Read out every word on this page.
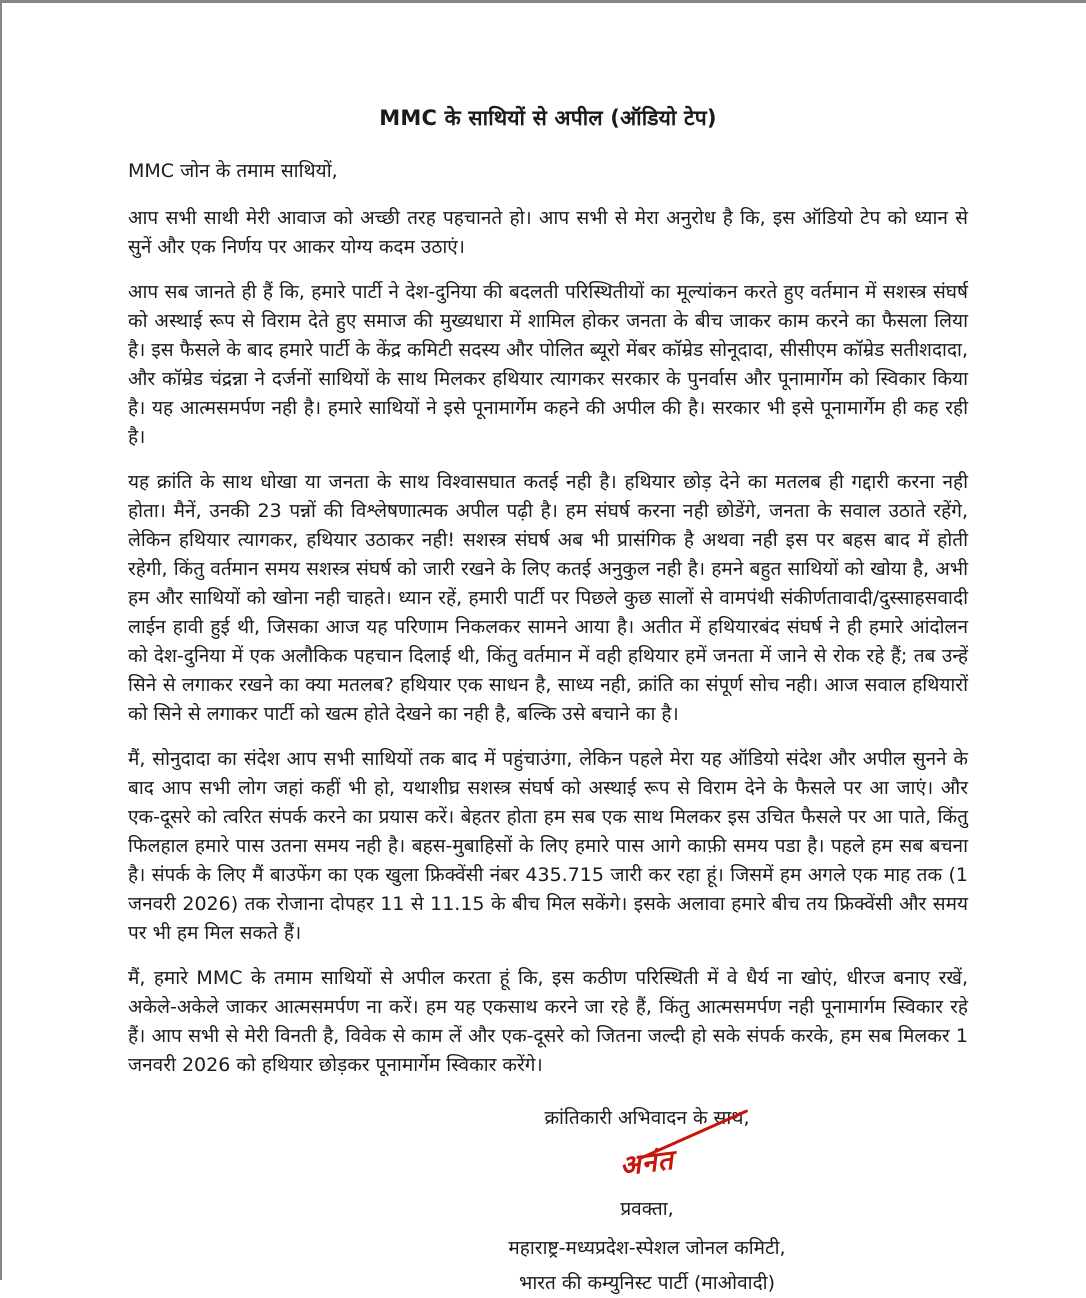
MMC के साथियों से अपील (ऑडियो टेप)

MMC जोन के तमाम साथियों,

आप सभी साथी मेरी आवाज को अच्छी तरह पहचानते हो। आप सभी से मेरा अनुरोध है कि, इस ऑडियो टेप को ध्यान से सुनें और एक निर्णय पर आकर योग्य कदम उठाएं।

आप सब जानते ही हैं कि, हमारे पार्टी ने देश-दुनिया की बदलती परिस्थितीयों का मूल्यांकन करते हुए वर्तमान में सशस्त्र संघर्ष को अस्थाई रूप से विराम देते हुए समाज की मुख्यधारा में शामिल होकर जनता के बीच जाकर काम करने का फैसला लिया है। इस फैसले के बाद हमारे पार्टी के केंद्र कमिटी सदस्य और पोलित ब्यूरो मेंबर कॉम्रेड सोनूदादा, सीसीएम कॉम्रेड सतीशदादा, और कॉम्रेड चंद्रन्ना ने दर्जनों साथियों के साथ मिलकर हथियार त्यागकर सरकार के पुनर्वास और पूनामार्गेम को स्विकार किया है। यह आत्मसमर्पण नही है। हमारे साथियों ने इसे पूनामार्गेम कहने की अपील की है। सरकार भी इसे पूनामार्गेम ही कह रही है।

यह क्रांति के साथ धोखा या जनता के साथ विश्वासघात कतई नही है। हथियार छोड़ देने का मतलब ही गद्दारी करना नही होता। मैनें, उनकी 23 पन्नों की विश्लेषणात्मक अपील पढ़ी है। हम संघर्ष करना नही छोडेंगे, जनता के सवाल उठाते रहेंगे, लेकिन हथियार त्यागकर, हथियार उठाकर नही! सशस्त्र संघर्ष अब भी प्रासंगिक है अथवा नही इस पर बहस बाद में होती रहेगी, किंतु वर्तमान समय सशस्त्र संघर्ष को जारी रखने के लिए कतई अनुकुल नही है। हमने बहुत साथियों को खोया है, अभी हम और साथियों को खोना नही चाहते। ध्यान रहें, हमारी पार्टी पर पिछले कुछ सालों से वामपंथी संकीर्णतावादी/दुस्साहसवादी लाईन हावी हुई थी, जिसका आज यह परिणाम निकलकर सामने आया है। अतीत में हथियारबंद संघर्ष ने ही हमारे आंदोलन को देश-दुनिया में एक अलौकिक पहचान दिलाई थी, किंतु वर्तमान में वही हथियार हमें जनता में जाने से रोक रहे हैं; तब उन्हें सिने से लगाकर रखने का क्या मतलब? हथियार एक साधन है, साध्य नही, क्रांति का संपूर्ण सोच नही। आज सवाल हथियारों को सिने से लगाकर पार्टी को खत्म होते देखने का नही है, बल्कि उसे बचाने का है।

मैं, सोनुदादा का संदेश आप सभी साथियों तक बाद में पहुंचाउंगा, लेकिन पहले मेरा यह ऑडियो संदेश और अपील सुनने के बाद आप सभी लोग जहां कहीं भी हो, यथाशीघ्र सशस्त्र संघर्ष को अस्थाई रूप से विराम देने के फैसले पर आ जाएं। और एक-दूसरे को त्वरित संपर्क करने का प्रयास करें। बेहतर होता हम सब एक साथ मिलकर इस उचित फैसले पर आ पाते, किंतु फिलहाल हमारे पास उतना समय नही है। बहस-मुबाहिसों के लिए हमारे पास आगे काफ़ी समय पडा है। पहले हम सब बचना है। संपर्क के लिए मैं बाउफेंग का एक खुला फ्रिक्वेंसी नंबर 435.715 जारी कर रहा हूं। जिसमें हम अगले एक माह तक (1 जनवरी 2026) तक रोजाना दोपहर 11 से 11.15 के बीच मिल सकेंगे। इसके अलावा हमारे बीच तय फ्रिक्वेंसी और समय पर भी हम मिल सकते हैं।

मैं, हमारे MMC के तमाम साथियों से अपील करता हूं कि, इस कठीण परिस्थिती में वे धैर्य ना खोएं, धीरज बनाए रखें, अकेले-अकेले जाकर आत्मसमर्पण ना करें। हम यह एकसाथ करने जा रहे हैं, किंतु आत्मसमर्पण नही पूनामार्गम स्विकार रहे हैं। आप सभी से मेरी विनती है, विवेक से काम लें और एक-दूसरे को जितना जल्दी हो सके संपर्क करके, हम सब मिलकर 1 जनवरी 2026 को हथियार छोड़कर पूनामार्गेम स्विकार करेंगे।

क्रांतिकारी अभिवादन के साथ,
अनंत
प्रवक्ता,
महाराष्ट्र-मध्यप्रदेश-स्पेशल जोनल कमिटी,
भारत की कम्युनिस्ट पार्टी (माओवादी)
